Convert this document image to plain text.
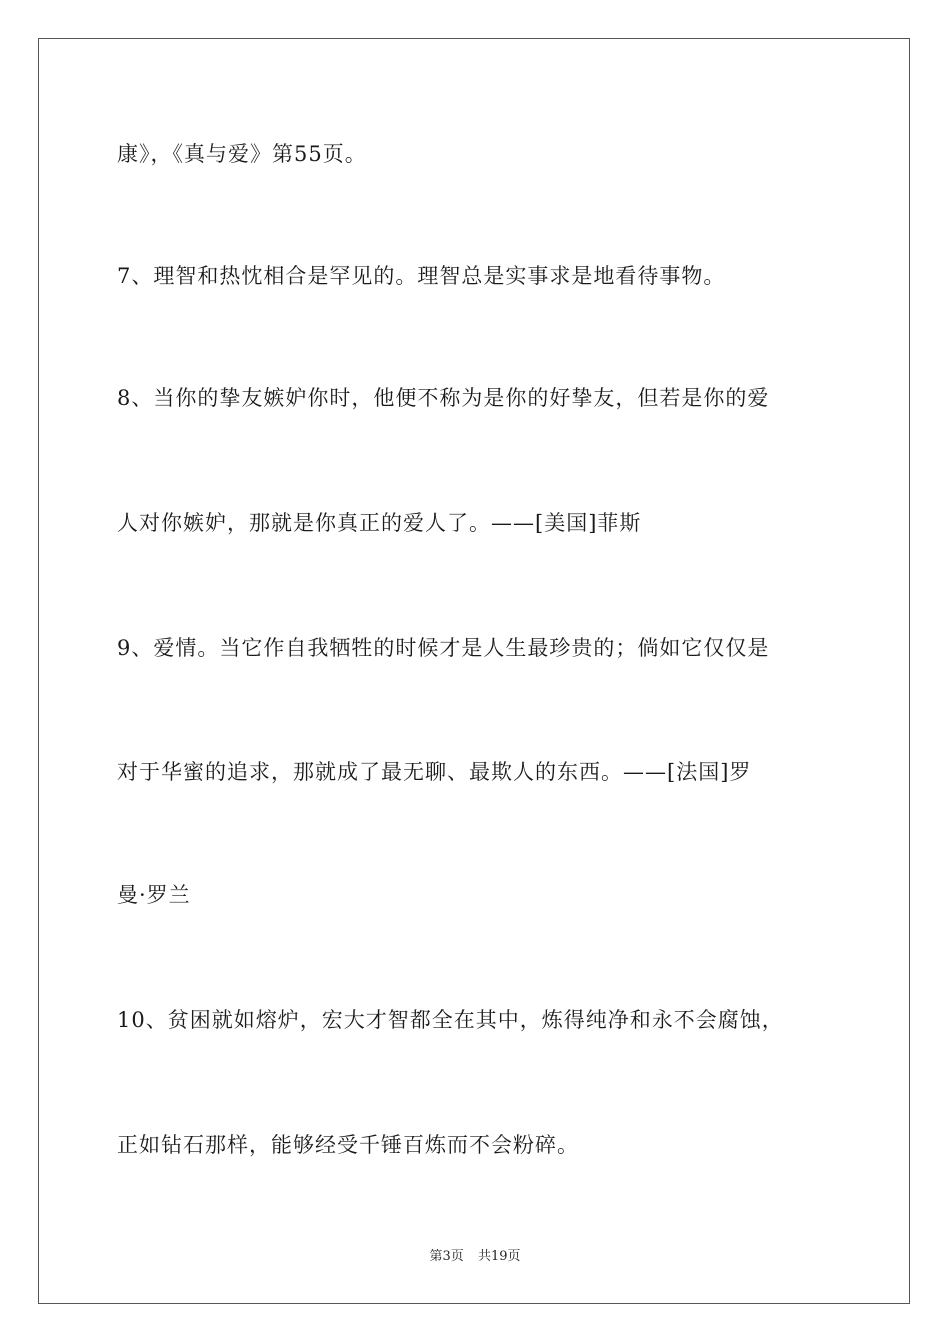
康》，《真与爱》第55页。
7、理智和热忱相合是罕见的。理智总是实事求是地看待事物。
8、当你的挚友嫉妒你时，他便不称为是你的好挚友，但若是你的爱
人对你嫉妒，那就是你真正的爱人了。——[美国]菲斯
9、爱情。当它作自我牺牲的时候才是人生最珍贵的；倘如它仅仅是
对于华蜜的追求，那就成了最无聊、最欺人的东西。——[法国]罗
曼·罗兰
10、贫困就如熔炉，宏大才智都全在其中，炼得纯净和永不会腐蚀，
正如钻石那样，能够经受千锤百炼而不会粉碎。
第3页 共19页
